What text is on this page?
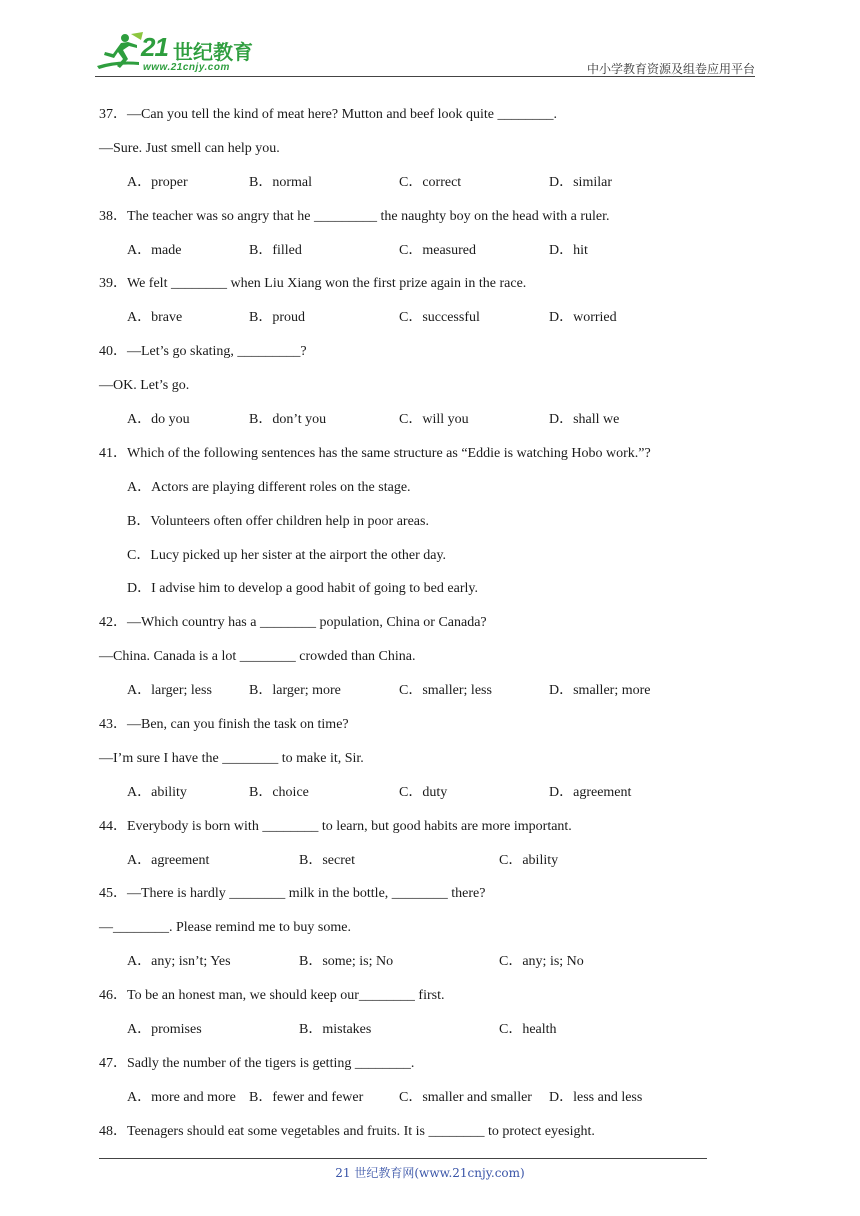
21 世纪教育
www.21cnjy.com	中小学教育资源及组卷应用平台
37．—Can you tell the kind of meat here? Mutton and beef look quite ________.
—Sure. Just smell can help you.
A．proper	B．normal	C．correct	D．similar
38．The teacher was so angry that he _________ the naughty boy on the head with a ruler.
A．made	B．filled	C．measured	D．hit
39．We felt ________ when Liu Xiang won the first prize again in the race.
A．brave	B．proud	C．successful	D．worried
40．—Let’s go skating, _________?
—OK. Let’s go.
A．do you	B．don’t you	C．will you	D．shall we
41．Which of the following sentences has the same structure as “Eddie is watching Hobo work.”?
A．Actors are playing different roles on the stage.
B．Volunteers often offer children help in poor areas.
C．Lucy picked up her sister at the airport the other day.
D．I advise him to develop a good habit of going to bed early.
42．—Which country has a ________ population, China or Canada?
—China. Canada is a lot ________ crowded than China.
A．larger; less	B．larger; more	C．smaller; less	D．smaller; more
43．—Ben, can you finish the task on time?
—I’m sure I have the ________ to make it, Sir.
A．ability	B．choice	C．duty	D．agreement
44．Everybody is born with ________ to learn, but good habits are more important.
A．agreement	B．secret	C．ability
45．—There is hardly ________ milk in the bottle, ________ there?
—________. Please remind me to buy some.
A．any; isn’t; Yes	B．some; is; No	C．any; is; No
46．To be an honest man, we should keep our________ first.
A．promises	B．mistakes	C．health
47．Sadly the number of the tigers is getting ________.
A．more and more B．fewer and fewer	C．smaller and smaller D．less and less
48．Teenagers should eat some vegetables and fruits. It is ________ to protect eyesight.
21 世纪教育网(www.21cnjy.com)
